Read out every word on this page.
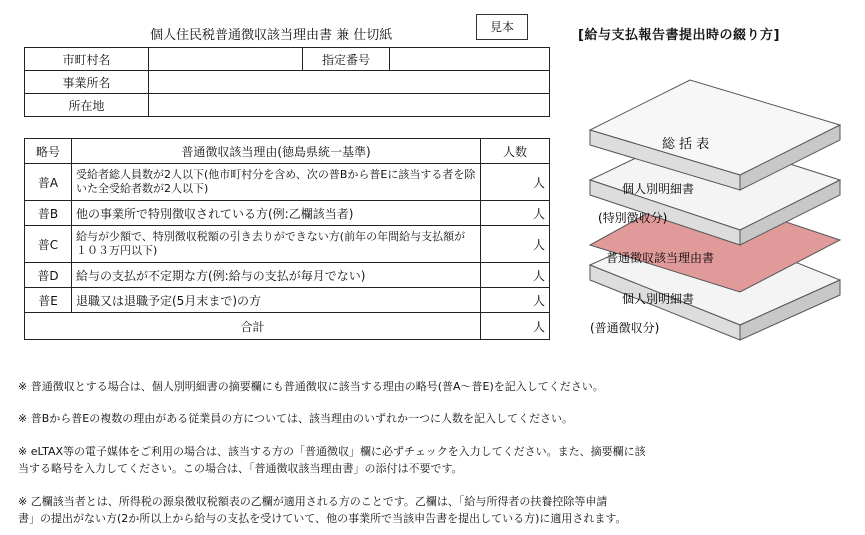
個人住民税普通徴収該当理由書 兼 仕切紙
見本
[給与支払報告書提出時の綴り方]
市町村名		指定番号	
事業所名			
所在地			
略号	普通徴収該当理由(徳島県統一基準)	人数
普A	受給者総人員数が2人以下(他市町村分を含め、次の普Bから普Eに該当する者を除いた全受給者数が2人以下)	人
普B	他の事業所で特別徴収されている方(例:乙欄該当者)	人
普C	給与が少額で、特別徴収税額の引き去りができない方(前年の年間給与支払額が１０３万円以下)	人
普D	給与の支払が不定期な方(例:給与の支払が毎月でない)	人
普E	退職又は退職予定(5月末まで)の方	人
合計		人
総 括 表
個人別明細書
(特別徴収分)
普通徴収該当理由書
個人別明細書
(普通徴収分)
※ 普通徴収とする場合は、個人別明細書の摘要欄にも普通徴収に該当する理由の略号(普A～普E)を記入してください。
※ 普Bから普Eの複数の理由がある従業員の方については、該当理由のいずれか一つに人数を記入してください。
※ eLTAX等の電子媒体をご利用の場合は、該当する方の「普通徴収」欄に必ずチェックを入力してください。また、摘要欄に該
当する略号を入力してください。この場合は、「普通徴収該当理由書」の添付は不要です。
※ 乙欄該当者とは、所得税の源泉徴収税額表の乙欄が適用される方のことです。乙欄は、「給与所得者の扶養控除等申請
書」の提出がない方(2か所以上から給与の支払を受けていて、他の事業所で当該申告書を提出している方)に適用されます。
